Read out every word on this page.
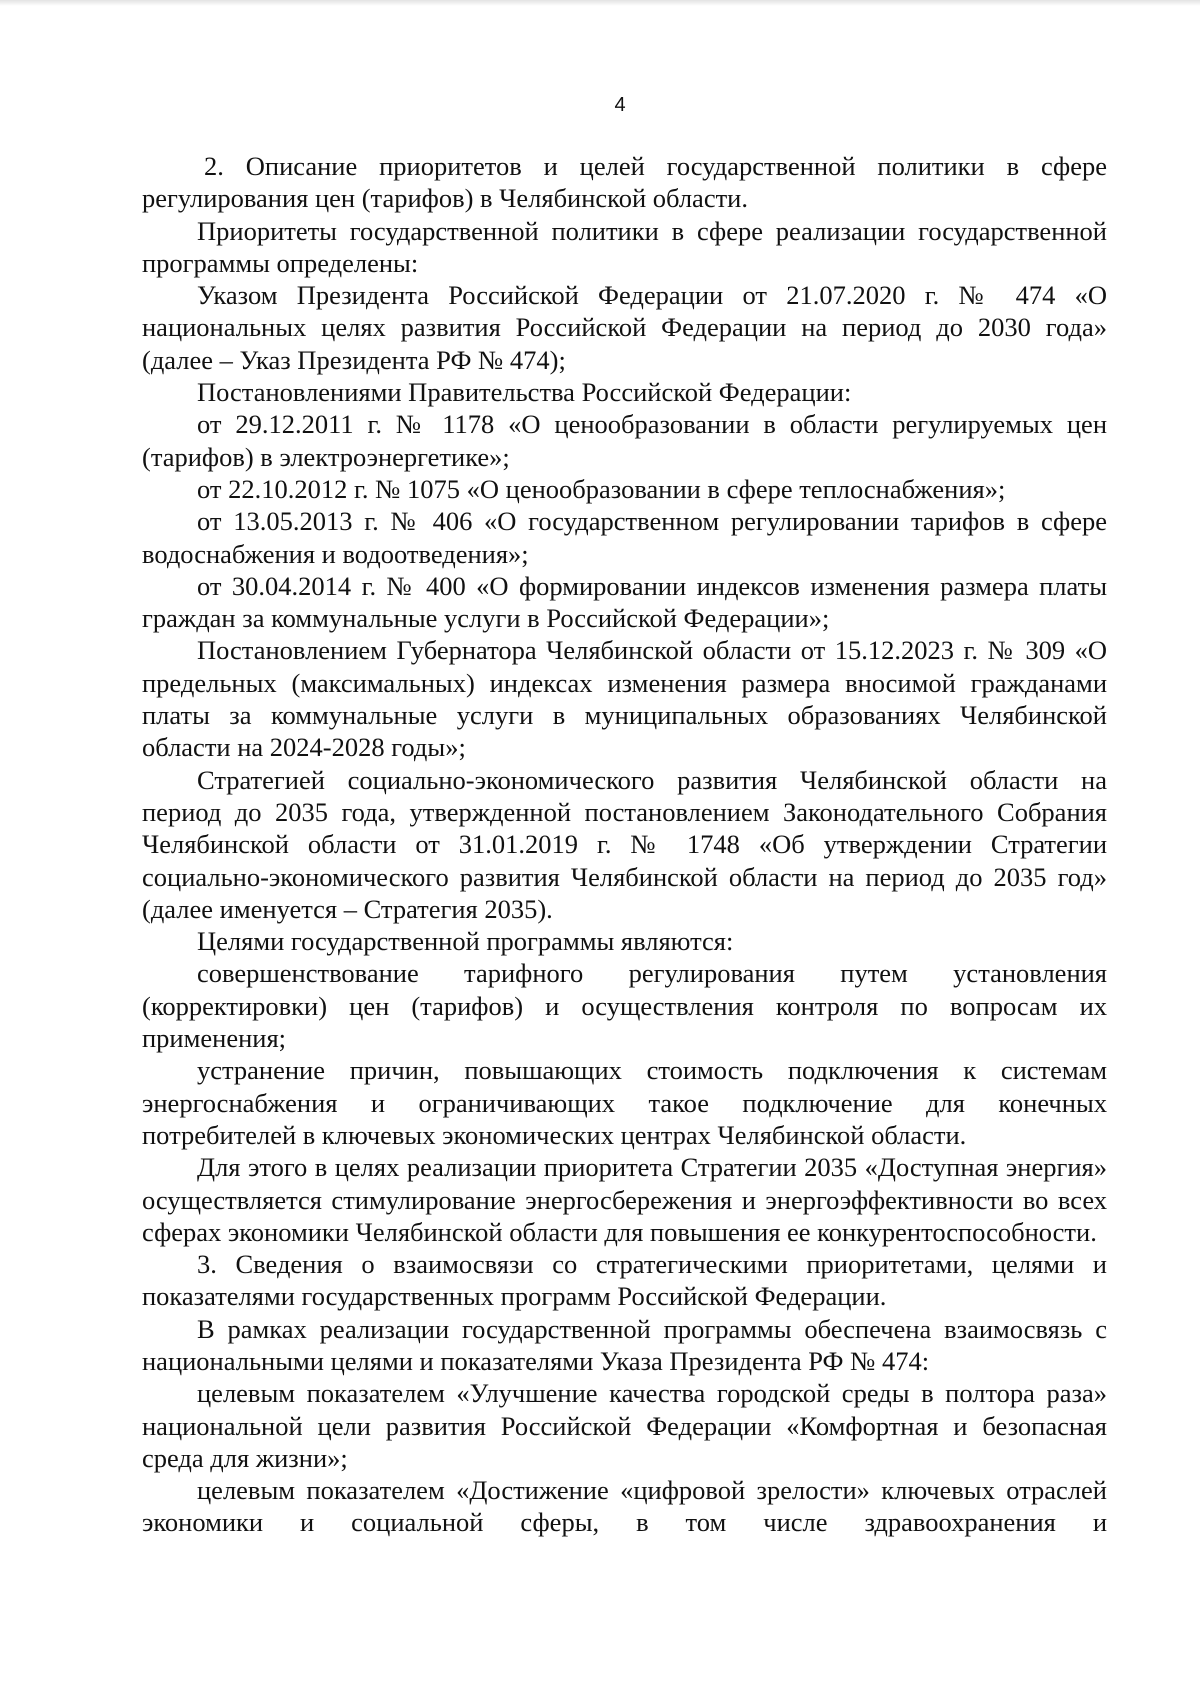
4

2. Описание приоритетов и целей государственной политики в сфере регулирования цен (тарифов) в Челябинской области.

Приоритеты государственной политики в сфере реализации государственной программы определены:

Указом Президента Российской Федерации от 21.07.2020 г. № 474 «О национальных целях развития Российской Федерации на период до 2030 года» (далее – Указ Президента РФ № 474);

Постановлениями Правительства Российской Федерации:

от 29.12.2011 г. № 1178 «О ценообразовании в области регулируемых цен (тарифов) в электроэнергетике»;

от 22.10.2012 г. № 1075 «О ценообразовании в сфере теплоснабжения»;

от 13.05.2013 г. № 406 «О государственном регулировании тарифов в сфере водоснабжения и водоотведения»;

от 30.04.2014 г. № 400 «О формировании индексов изменения размера платы граждан за коммунальные услуги в Российской Федерации»;

Постановлением Губернатора Челябинской области от 15.12.2023 г. № 309 «О предельных (максимальных) индексах изменения размера вносимой гражданами платы за коммунальные услуги в муниципальных образованиях Челябинской области на 2024-2028 годы»;

Стратегией социально-экономического развития Челябинской области на период до 2035 года, утвержденной постановлением Законодательного Собрания Челябинской области от 31.01.2019 г. № 1748 «Об утверждении Стратегии социально-экономического развития Челябинской области на период до 2035 год» (далее именуется – Стратегия 2035).

Целями государственной программы являются:

совершенствование тарифного регулирования путем установления (корректировки) цен (тарифов) и осуществления контроля по вопросам их применения;

устранение причин, повышающих стоимость подключения к системам энергоснабжения и ограничивающих такое подключение для конечных потребителей в ключевых экономических центрах Челябинской области.

Для этого в целях реализации приоритета Стратегии 2035 «Доступная энергия» осуществляется стимулирование энергосбережения и энергоэффективности во всех сферах экономики Челябинской области для повышения ее конкурентоспособности.

3. Сведения о взаимосвязи со стратегическими приоритетами, целями и показателями государственных программ Российской Федерации.

В рамках реализации государственной программы обеспечена взаимосвязь с национальными целями и показателями Указа Президента РФ № 474:

целевым показателем «Улучшение качества городской среды в полтора раза» национальной цели развития Российской Федерации «Комфортная и безопасная среда для жизни»;

целевым показателем «Достижение «цифровой зрелости» ключевых отраслей экономики и социальной сферы, в том числе здравоохранения и
